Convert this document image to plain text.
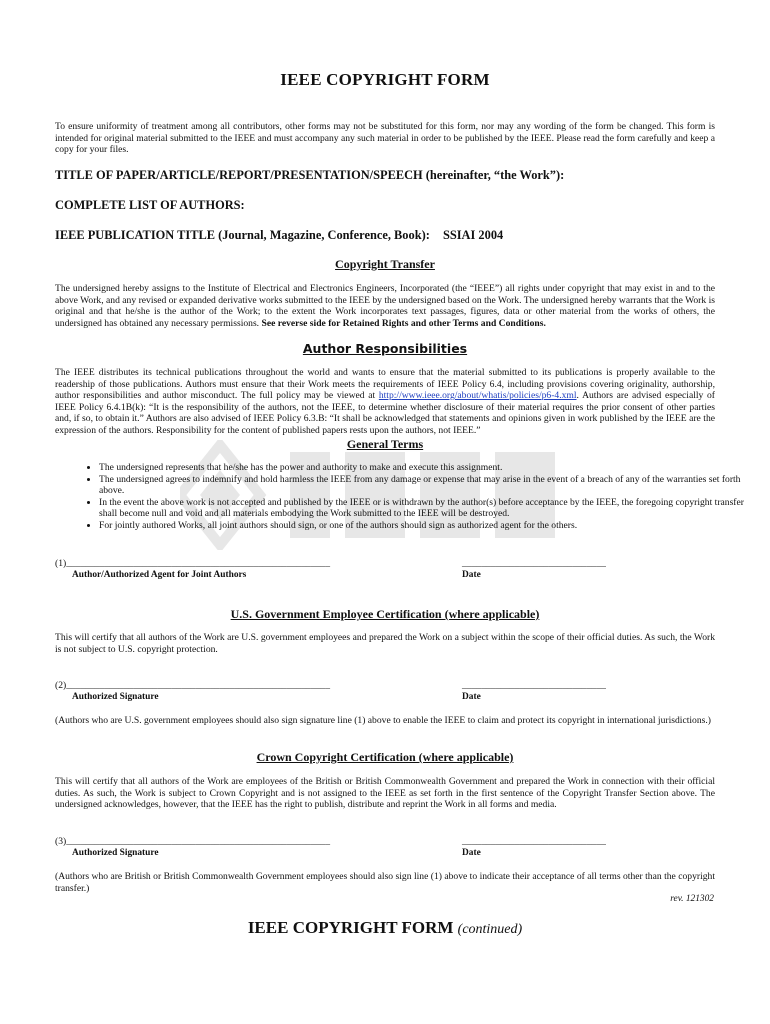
IEEE COPYRIGHT FORM
To ensure uniformity of treatment among all contributors, other forms may not be substituted for this form, nor may any wording of the form be changed. This form is intended for original material submitted to the IEEE and must accompany any such material in order to be published by the IEEE. Please read the form carefully and keep a copy for your files.
TITLE OF PAPER/ARTICLE/REPORT/PRESENTATION/SPEECH (hereinafter, “the Work”):
COMPLETE LIST OF AUTHORS:
IEEE PUBLICATION TITLE (Journal, Magazine, Conference, Book): SSIAI 2004
Copyright Transfer
The undersigned hereby assigns to the Institute of Electrical and Electronics Engineers, Incorporated (the “IEEE”) all rights under copyright that may exist in and to the above Work, and any revised or expanded derivative works submitted to the IEEE by the undersigned based on the Work. The undersigned hereby warrants that the Work is original and that he/she is the author of the Work; to the extent the Work incorporates text passages, figures, data or other material from the works of others, the undersigned has obtained any necessary permissions. See reverse side for Retained Rights and other Terms and Conditions.
Author Responsibilities
The IEEE distributes its technical publications throughout the world and wants to ensure that the material submitted to its publications is properly available to the readership of those publications. Authors must ensure that their Work meets the requirements of IEEE Policy 6.4, including provisions covering originality, authorship, author responsibilities and author misconduct. The full policy may be viewed at http://www.ieee.org/about/whatis/policies/p6-4.xml. Authors are advised especially of IEEE Policy 6.4.1B(k): “It is the responsibility of the authors, not the IEEE, to determine whether disclosure of their material requires the prior consent of other parties and, if so, to obtain it.” Authors are also advised of IEEE Policy 6.3.B: “It shall be acknowledged that statements and opinions given in work published by the IEEE are the expression of the authors. Responsibility for the content of published papers rests upon the authors, not IEEE.”
General Terms
• The undersigned represents that he/she has the power and authority to make and execute this assignment.
• The undersigned agrees to indemnify and hold harmless the IEEE from any damage or expense that may arise in the event of a breach of any of the warranties set forth above.
• In the event the above work is not accepted and published by the IEEE or is withdrawn by the author(s) before acceptance by the IEEE, the foregoing copyright transfer shall become null and void and all materials embodying the Work submitted to the IEEE will be destroyed.
• For jointly authored Works, all joint authors should sign, or one of the authors should sign as authorized agent for the others.
(1)_______________________________________________________	______________________________
Author/Authorized Agent for Joint Authors	Date
U.S. Government Employee Certification (where applicable)
This will certify that all authors of the Work are U.S. government employees and prepared the Work on a subject within the scope of their official duties. As such, the Work is not subject to U.S. copyright protection.
(2)_______________________________________________________	______________________________
Authorized Signature	Date
(Authors who are U.S. government employees should also sign signature line (1) above to enable the IEEE to claim and protect its copyright in international jurisdictions.)
Crown Copyright Certification (where applicable)
This will certify that all authors of the Work are employees of the British or British Commonwealth Government and prepared the Work in connection with their official duties. As such, the Work is subject to Crown Copyright and is not assigned to the IEEE as set forth in the first sentence of the Copyright Transfer Section above. The undersigned acknowledges, however, that the IEEE has the right to publish, distribute and reprint the Work in all forms and media.
(3)_______________________________________________________	______________________________
Authorized Signature	Date
(Authors who are British or British Commonwealth Government employees should also sign line (1) above to indicate their acceptance of all terms other than the copyright transfer.)
rev. 121302
IEEE COPYRIGHT FORM (continued)
